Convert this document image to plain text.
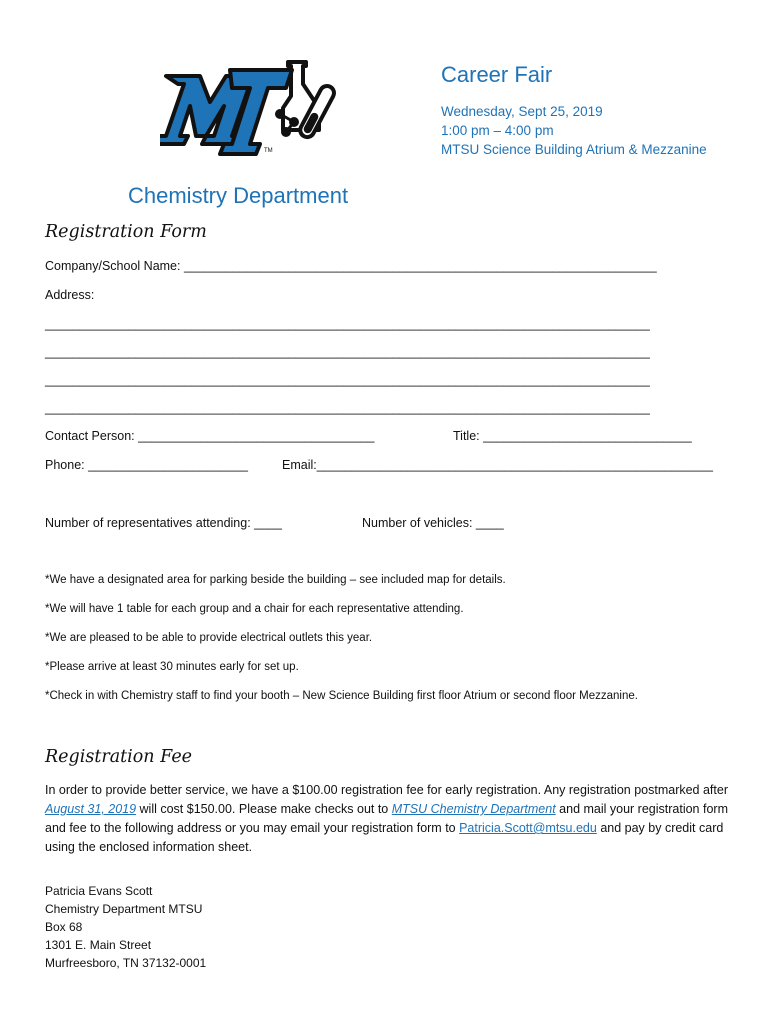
TM
Career Fair
Wednesday, Sept 25, 2019
1:00 pm – 4:00 pm
MTSU Science Building Atrium & Mezzanine
Chemistry Department
Registration Form
Company/School Name: ____________________________________________________________________
Address:
_______________________________________________________________________________________
_______________________________________________________________________________________
_______________________________________________________________________________________
_______________________________________________________________________________________
Contact Person: __________________________________	Title: ______________________________
Phone: _______________________	Email:_________________________________________________________
Number of representatives attending: ____	Number of vehicles: ____
*We have a designated area for parking beside the building – see included map for details.
*We will have 1 table for each group and a chair for each representative attending.
*We are pleased to be able to provide electrical outlets this year.
*Please arrive at least 30 minutes early for set up.
*Check in with Chemistry staff to find your booth – New Science Building first floor Atrium or second floor Mezzanine.
Registration Fee
In order to provide better service, we have a $100.00 registration fee for early registration. Any registration postmarked after August 31, 2019 will cost $150.00. Please make checks out to MTSU Chemistry Department and mail your registration form and fee to the following address or you may email your registration form to Patricia.Scott@mtsu.edu and pay by credit card using the enclosed information sheet.
Patricia Evans Scott
Chemistry Department MTSU
Box 68
1301 E. Main Street
Murfreesboro, TN 37132-0001
